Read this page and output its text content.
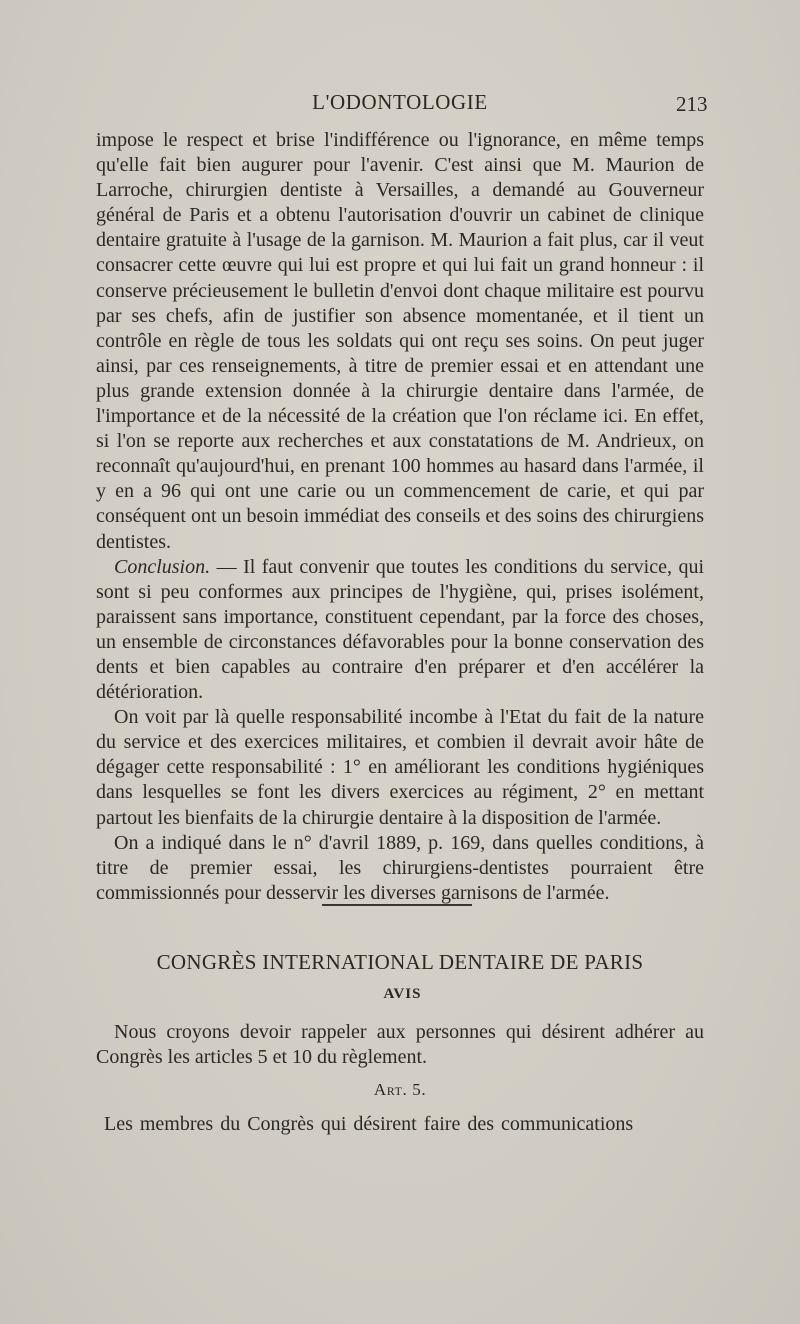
L'ODONTOLOGIE	213

impose le respect et brise l'indifférence ou l'ignorance, en même temps qu'elle fait bien augurer pour l'avenir. C'est ainsi que M. Maurion de Larroche, chirurgien dentiste à Versailles, a demandé au Gouverneur général de Paris et a obtenu l'autorisation d'ouvrir un cabinet de clinique dentaire gratuite à l'usage de la garnison. M. Maurion a fait plus, car il veut consacrer cette œuvre qui lui est propre et qui lui fait un grand honneur : il conserve précieusement le bulletin d'envoi dont chaque militaire est pourvu par ses chefs, afin de justifier son absence momentanée, et il tient un contrôle en règle de tous les soldats qui ont reçu ses soins. On peut juger ainsi, par ces renseignements, à titre de premier essai et en attendant une plus grande extension donnée à la chirurgie dentaire dans l'armée, de l'importance et de la nécessité de la création que l'on réclame ici. En effet, si l'on se reporte aux recherches et aux constatations de M. Andrieux, on reconnaît qu'aujourd'hui, en prenant 100 hommes au hasard dans l'armée, il y en a 96 qui ont une carie ou un commencement de carie, et qui par conséquent ont un besoin immédiat des conseils et des soins des chirurgiens dentistes.

Conclusion. — Il faut convenir que toutes les conditions du service, qui sont si peu conformes aux principes de l'hygiène, qui, prises isolément, paraissent sans importance, constituent cependant, par la force des choses, un ensemble de circonstances défavorables pour la bonne conservation des dents et bien capables au contraire d'en préparer et d'en accélérer la détérioration.

On voit par là quelle responsabilité incombe à l'Etat du fait de la nature du service et des exercices militaires, et combien il devrait avoir hâte de dégager cette responsabilité : 1° en améliorant les conditions hygiéniques dans lesquelles se font les divers exercices au régiment, 2° en mettant partout les bienfaits de la chirurgie dentaire à la disposition de l'armée.

On a indiqué dans le n° d'avril 1889, p. 169, dans quelles conditions, à titre de premier essai, les chirurgiens-dentistes pourraient être commissionnés pour desservir les diverses garnisons de l'armée.

CONGRÈS INTERNATIONAL DENTAIRE DE PARIS
AVIS

Nous croyons devoir rappeler aux personnes qui désirent adhérer au Congrès les articles 5 et 10 du règlement.

Art. 5.
Les membres du Congrès qui désirent faire des communications
